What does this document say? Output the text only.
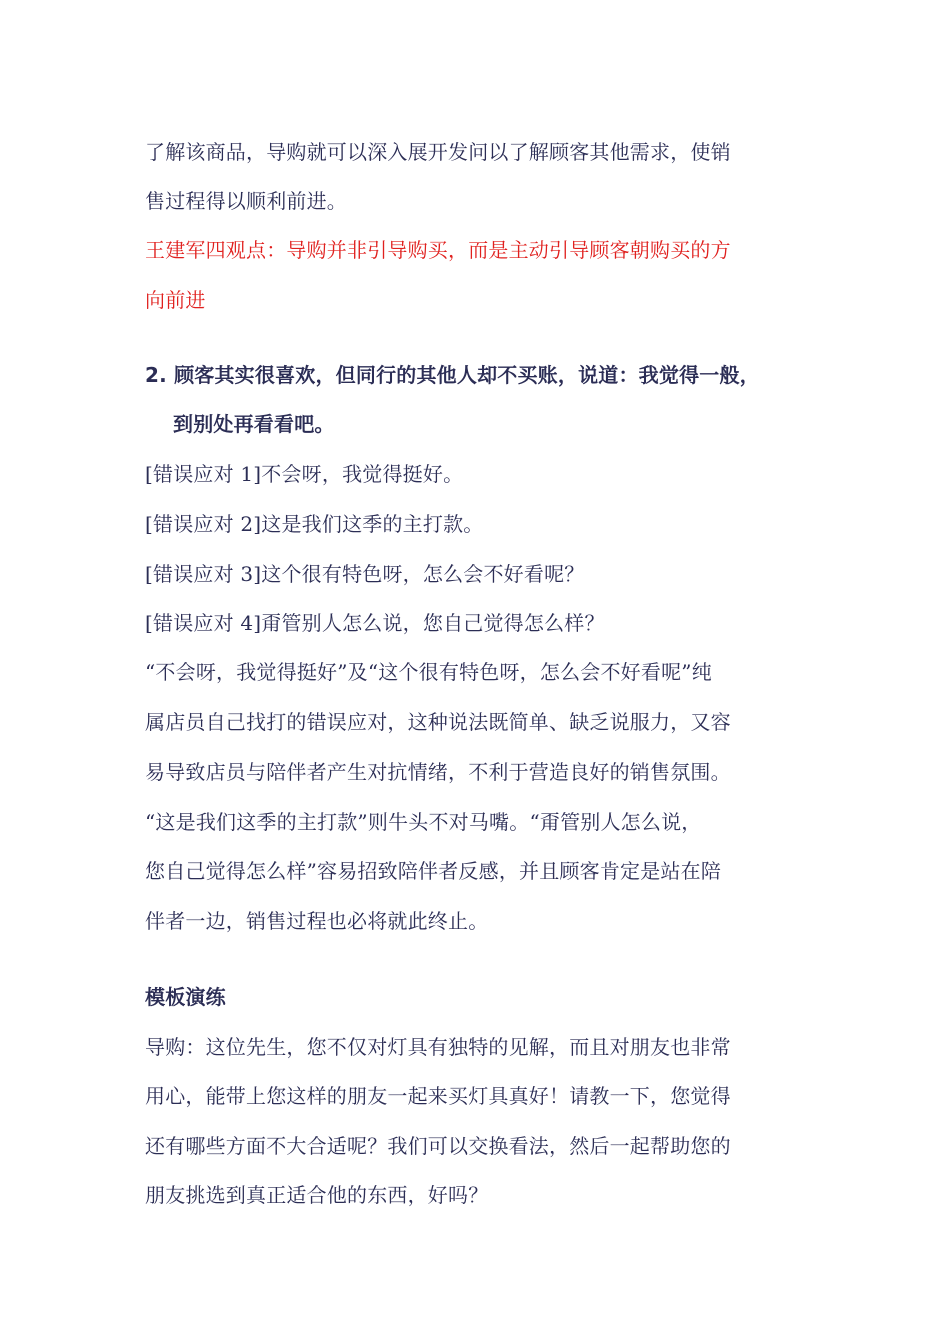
了解该商品，导购就可以深入展开发问以了解顾客其他需求，使销
售过程得以顺利前进。
王建军四观点：导购并非引导购买，而是主动引导顾客朝购买的方
向前进
2. 顾客其实很喜欢，但同行的其他人却不买账，说道：我觉得一般，
到别处再看看吧。
[错误应对 1]不会呀，我觉得挺好。
[错误应对 2]这是我们这季的主打款。
[错误应对 3]这个很有特色呀，怎么会不好看呢？
[错误应对 4]甭管别人怎么说，您自己觉得怎么样？
“不会呀，我觉得挺好”及“这个很有特色呀，怎么会不好看呢”纯
属店员自己找打的错误应对，这种说法既简单、缺乏说服力，又容
易导致店员与陪伴者产生对抗情绪，不利于营造良好的销售氛围。
“这是我们这季的主打款”则牛头不对马嘴。“甭管别人怎么说，
您自己觉得怎么样”容易招致陪伴者反感，并且顾客肯定是站在陪
伴者一边，销售过程也必将就此终止。
模板演练
导购：这位先生，您不仅对灯具有独特的见解，而且对朋友也非常
用心，能带上您这样的朋友一起来买灯具真好！请教一下，您觉得
还有哪些方面不大合适呢？我们可以交换看法，然后一起帮助您的
朋友挑选到真正适合他的东西，好吗？
